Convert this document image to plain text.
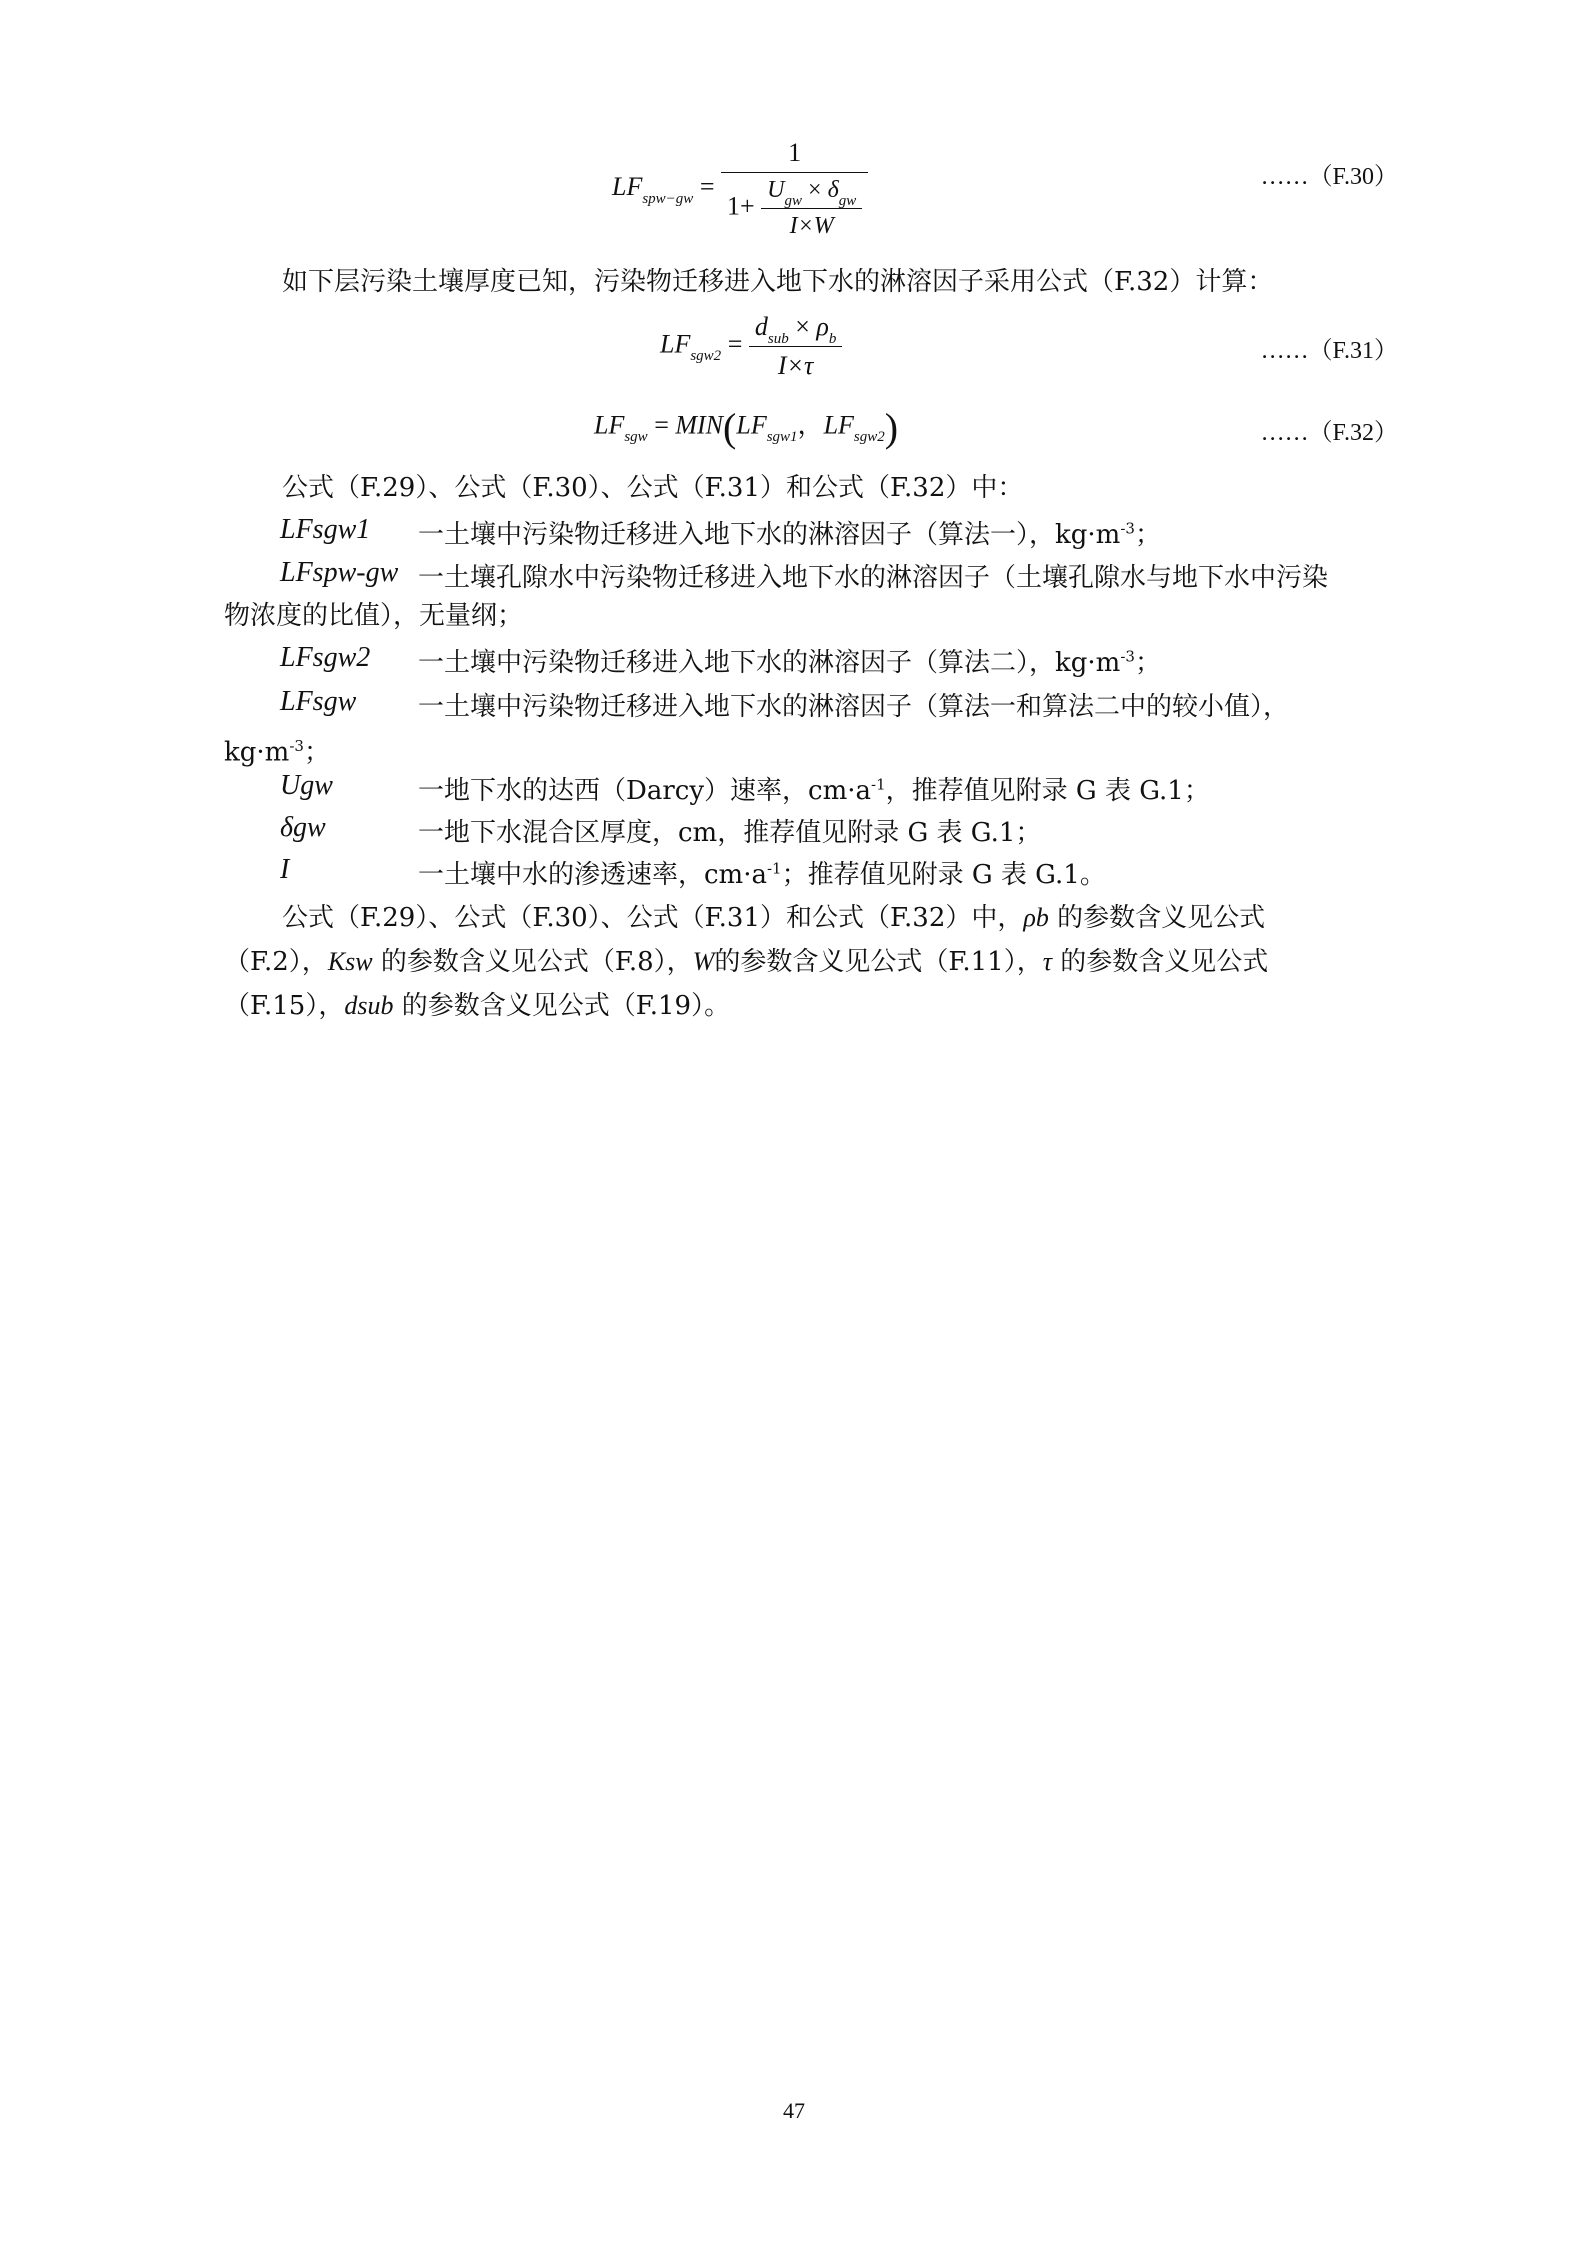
$LF_{spw-gw} = \frac{1}{1+ \frac{U_{gw} \times \delta_{gw}}{I\times W}}$	……（F.30）
如下层污染土壤厚度已知，污染物迁移进入地下水的淋溶因子采用公式（F.32）计算：
$LF_{sgw2} = \frac{d_{sub} \times \rho_b}{I\times\tau}$	……（F.31）
$LF_{sgw} = MIN(LF_{sgw1}$，$LF_{sgw2}$)	……（F.32）
公式（F.29）、公式（F.30）、公式（F.31）和公式（F.32）中：
LFsgw1 一土壤中污染物迁移进入地下水的淋溶因子（算法一），$kg\cdot m^{-3}$；
LFspw-gw 一土壤孔隙水中污染物迁移进入地下水的淋溶因子（土壤孔隙水与地下水中污染
物浓度的比值），无量纲；
LFsgw2 一土壤中污染物迁移进入地下水的淋溶因子（算法二），$kg\cdot m^{-3}$；
LFsgw 一土壤中污染物迁移进入地下水的淋溶因子（算法一和算法二中的较小值），
$kg\cdot m^{-3}$；
Ugw	一地下水的达西（Darcy）速率，$cm\cdot a^{-1}$，推荐值见附录 G 表 G.1；
δgw	一地下水混合区厚度，cm，推荐值见附录 G 表 G.1；
I	一土壤中水的渗透速率，$cm\cdot a^{-1}$；推荐值见附录 G 表 G.1。
公式（F.29）、公式（F.30）、公式（F.31）和公式（F.32）中，ρb 的参数含义见公式
（F.2），Ksw 的参数含义见公式（F.8），W的参数含义见公式（F.11），τ 的参数含义见公式
（F.15），dsub 的参数含义见公式（F.19）。
47
